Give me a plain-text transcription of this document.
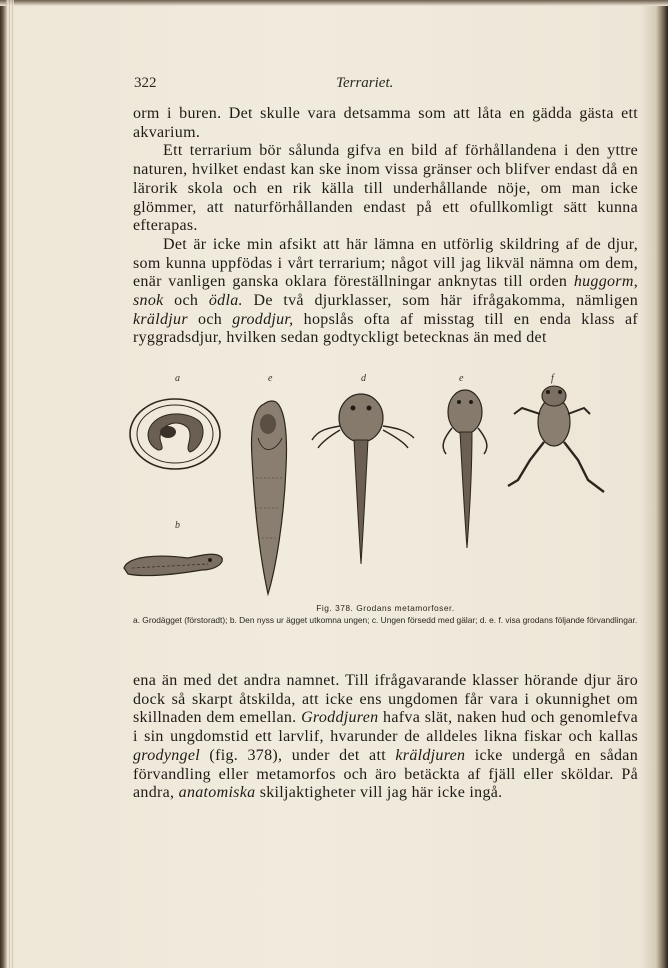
322	Terrariet.

orm i buren. Det skulle vara detsamma som att låta en gädda gästa ett akvarium.

Ett terrarium bör sålunda gifva en bild af förhållandena i den yttre naturen, hvilket endast kan ske inom vissa gränser och blifver endast då en lärorik skola och en rik källa till underhållande nöje, om man icke glömmer, att naturförhållanden endast på ett ofullkomligt sätt kunna efterapas.

Det är icke min afsikt att här lämna en utförlig skildring af de djur, som kunna uppfödas i vårt terrarium; något vill jag likväl nämna om dem, enär vanligen ganska oklara föreställningar anknytas till orden huggorm, snok och ödla. De två djurklasser, som här ifrågakomma, nämligen kräldjur och groddjur, hopslås ofta af misstag till en enda klass af ryggradsdjur, hvilken sedan godtyckligt betecknas än med det

a	e	d	e	f
b

Fig. 378. Grodans metamorfoser.

a. Grodägget (förstoradt); b. Den nyss ur ägget utkomna ungen; c. Ungen försedd med gälar; d. e. f. visa grodans följande förvandlingar.

ena än med det andra namnet. Till ifrågavarande klasser hörande djur äro dock så skarpt åtskilda, att icke ens ungdomen får vara i okunnighet om skillnaden dem emellan. Groddjuren hafva slät, naken hud och genomlefva i sin ungdomstid ett larvlif, hvarunder de alldeles likna fiskar och kallas grodyngel (fig. 378), under det att kräldjuren icke undergå en sådan förvandling eller metamorfos och äro betäckta af fjäll eller sköldar. På andra, anatomiska skiljaktigheter vill jag här icke ingå.
